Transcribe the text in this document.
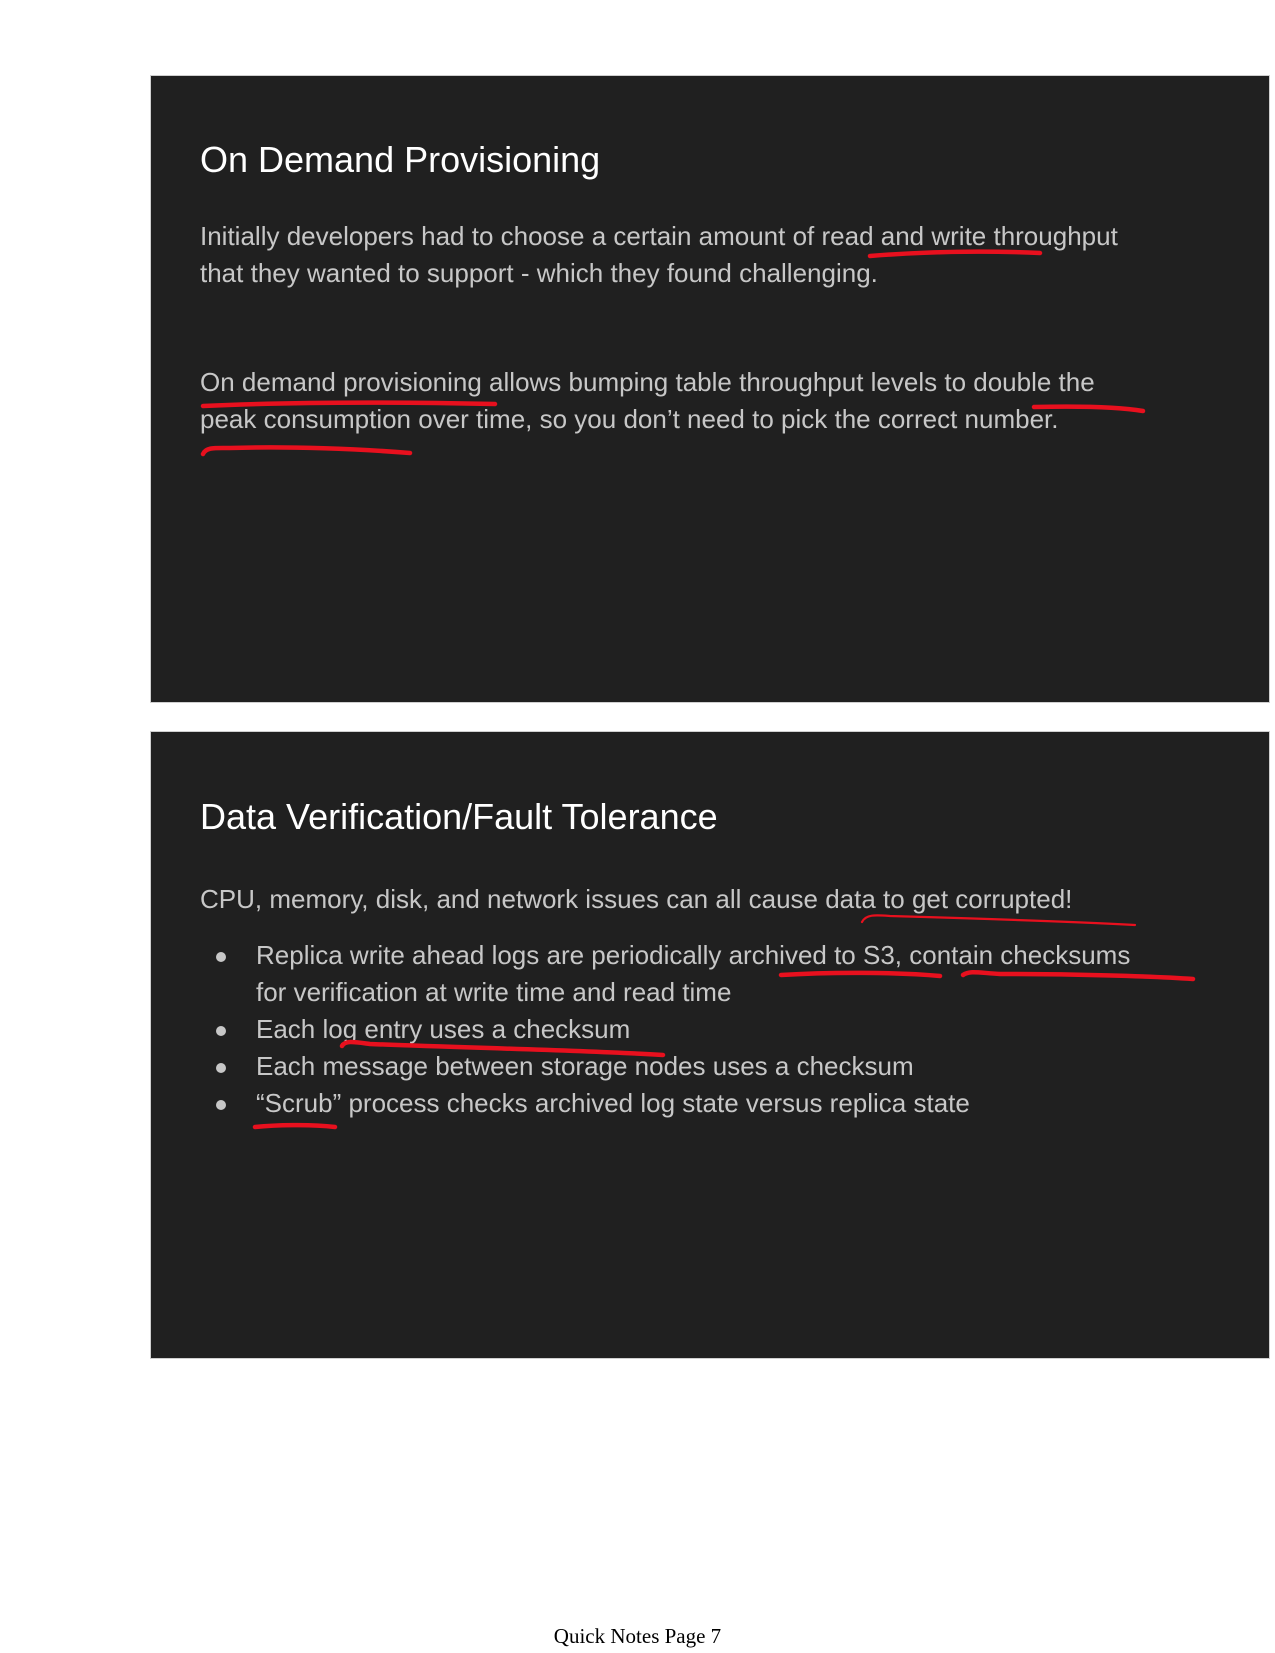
On Demand Provisioning
Initially developers had to choose a certain amount of read and write throughput
that they wanted to support - which they found challenging.
On demand provisioning allows bumping table throughput levels to double the
peak consumption over time, so you don’t need to pick the correct number.
Data Verification/Fault Tolerance
CPU, memory, disk, and network issues can all cause data to get corrupted!
Replica write ahead logs are periodically archived to S3, contain checksums
for verification at write time and read time
Each log entry uses a checksum
Each message between storage nodes uses a checksum
“Scrub” process checks archived log state versus replica state
Quick Notes Page 7
